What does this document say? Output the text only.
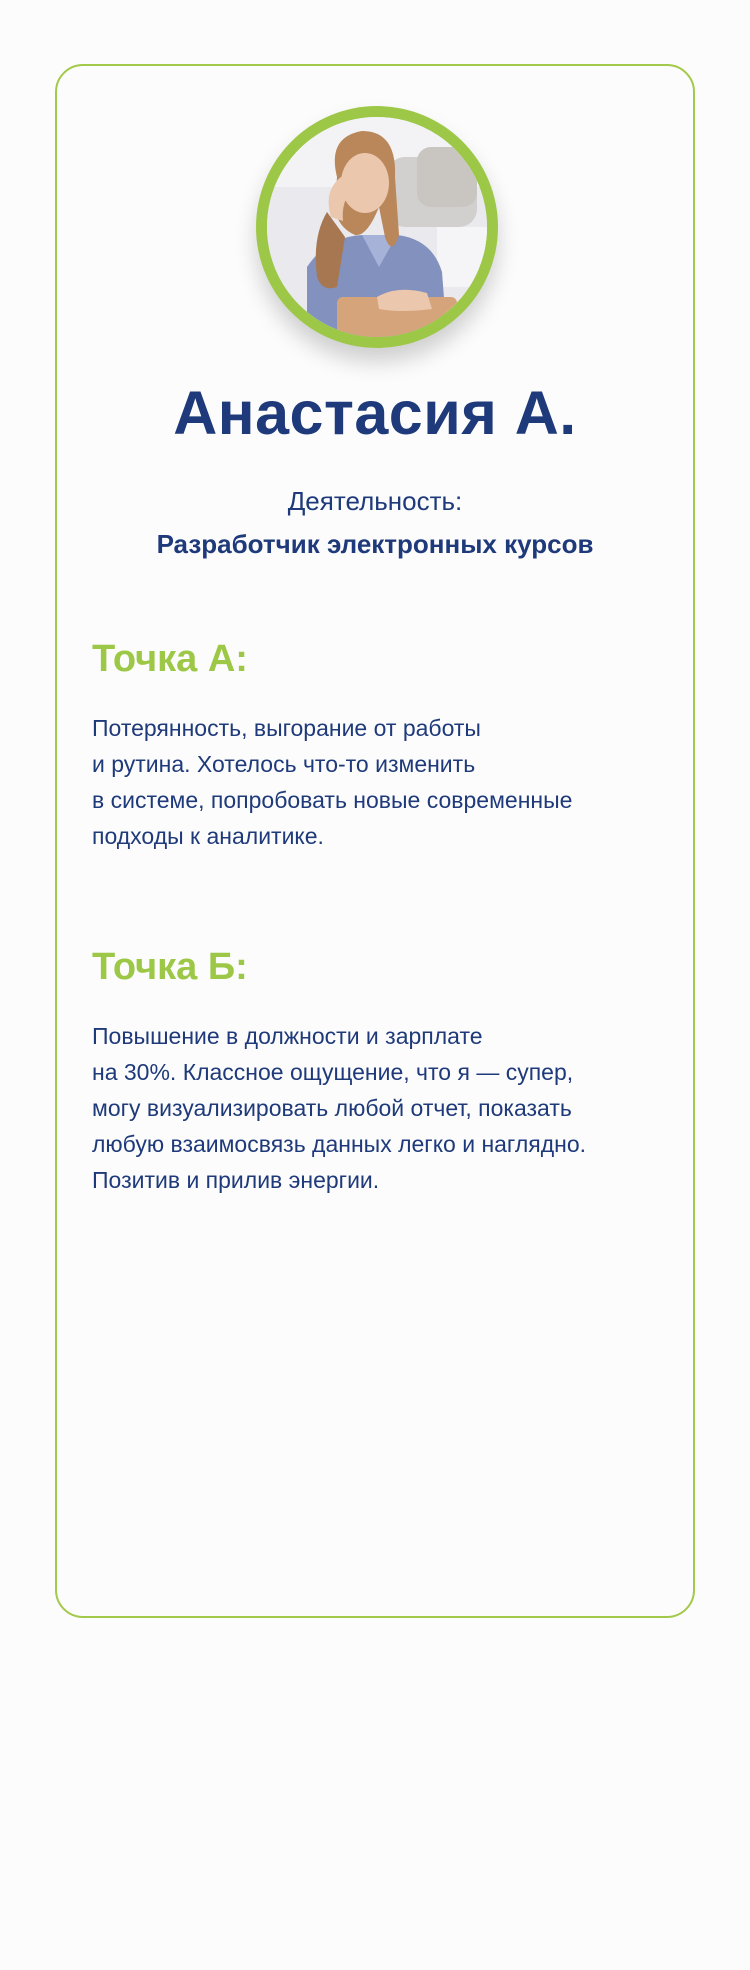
Анастасия А.
Деятельность:
Разработчик электронных курсов
Точка А:
Потерянность, выгорание от работы
и рутина. Хотелось что-то изменить
в системе, попробовать новые современные
подходы к аналитике.
Точка Б:
Повышение в должности и зарплате
на 30%. Классное ощущение, что я — супер,
могу визуализировать любой отчет, показать
любую взаимосвязь данных легко и наглядно.
Позитив и прилив энергии.
